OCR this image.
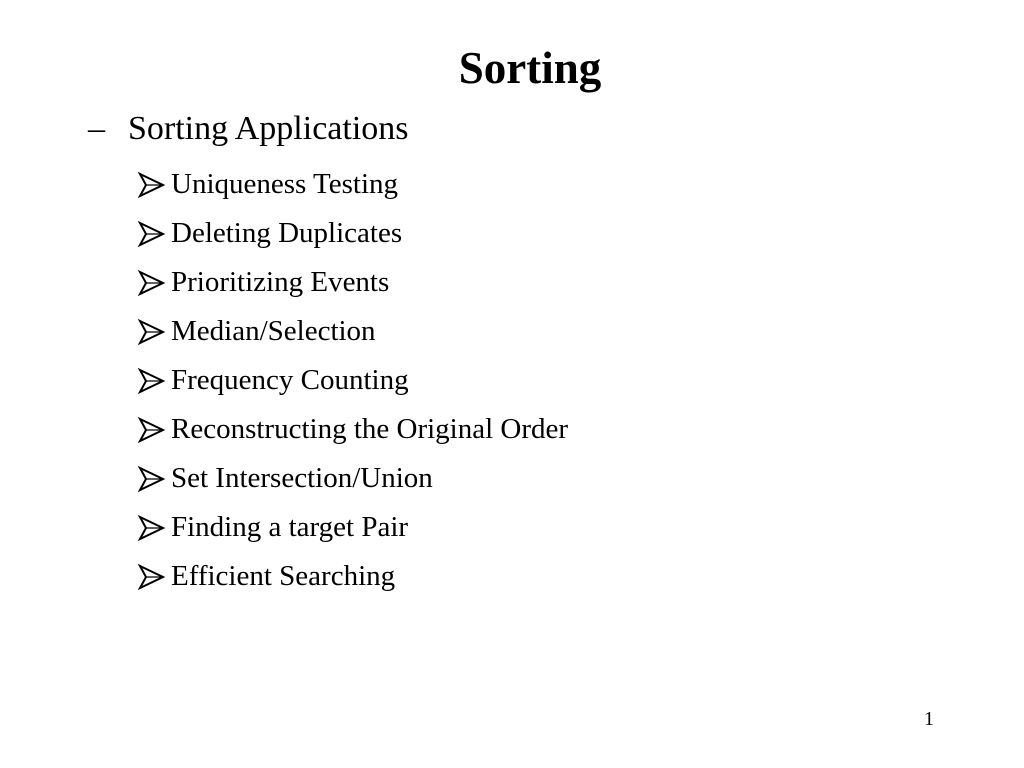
Sorting
– Sorting Applications
Uniqueness Testing
Deleting Duplicates
Prioritizing Events
Median/Selection
Frequency Counting
Reconstructing the Original Order
Set Intersection/Union
Finding a target Pair
Efficient Searching
1
